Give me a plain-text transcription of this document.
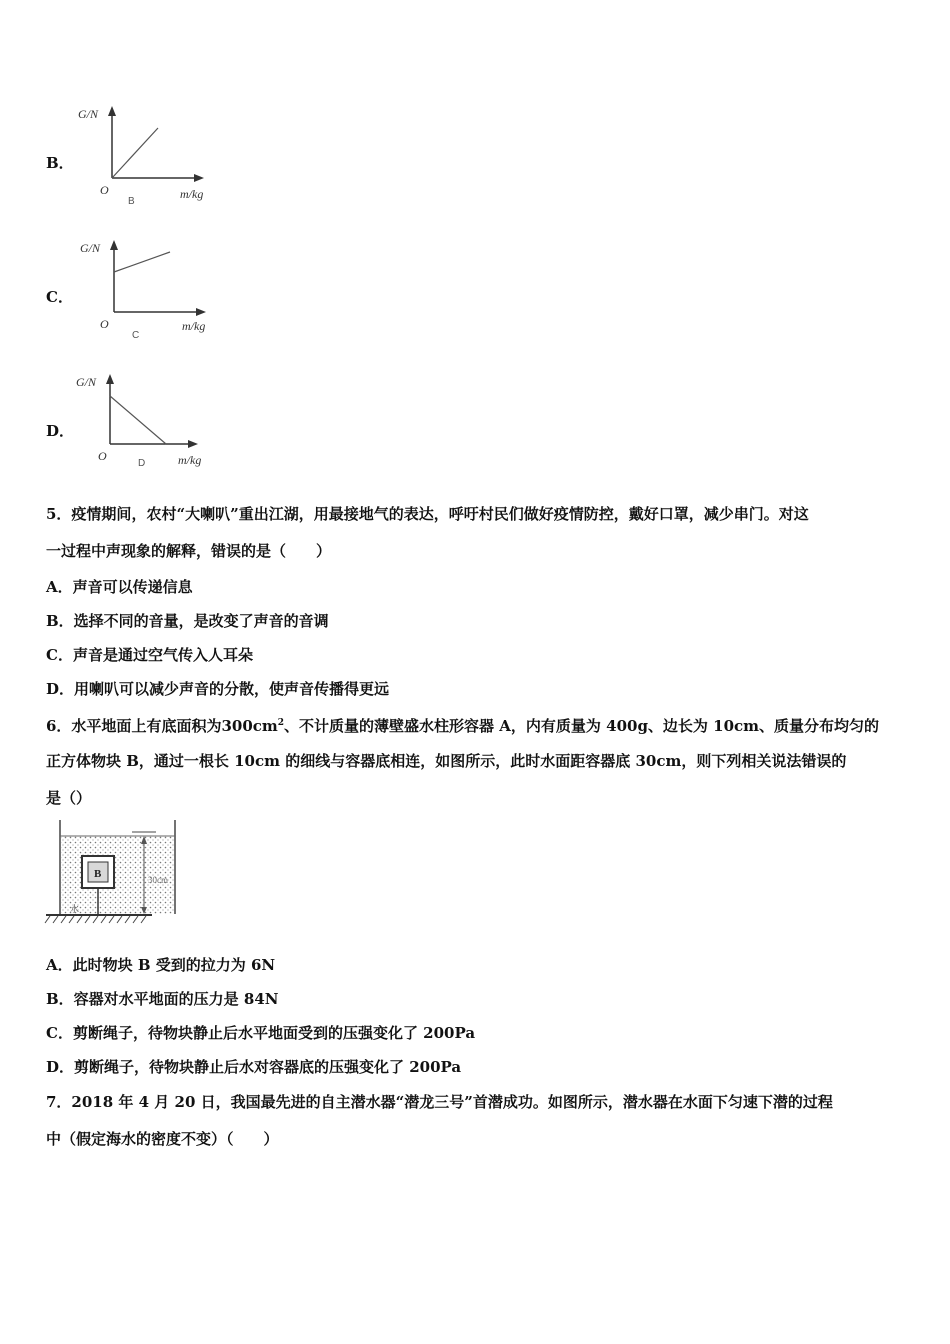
B．
G/N
O	m/kg
B
C．
G/N
O	m/kg
C
D．
G/N
O	m/kg
D
5．疫情期间，农村“大喇叭”重出江湖，用最接地气的表达，呼吁村民们做好疫情防控，戴好口罩，减少串门。对这
一过程中声现象的解释，错误的是（　　）
A．声音可以传递信息
B．选择不同的音量，是改变了声音的音调
C．声音是通过空气传入人耳朵
D．用喇叭可以减少声音的分散，使声音传播得更远
6．水平地面上有底面积为$300cm^2$、不计质量的薄壁盛水柱形容器 A，内有质量为 400g、边长为 10cm、质量分布均匀的
正方体物块 B，通过一根长 10cm 的细线与容器底相连，如图所示，此时水面距容器底 30cm，则下列相关说法错误的
是（）
B	30cm
水
A．此时物块 B 受到的拉力为 6N
B．容器对水平地面的压力是 84N
C．剪断绳子，待物块静止后水平地面受到的压强变化了 200Pa
D．剪断绳子，待物块静止后水对容器底的压强变化了 200Pa
7．2018 年 4 月 20 日，我国最先进的自主潜水器“潜龙三号”首潜成功。如图所示，潜水器在水面下匀速下潜的过程
中（假定海水的密度不变）（　　）
